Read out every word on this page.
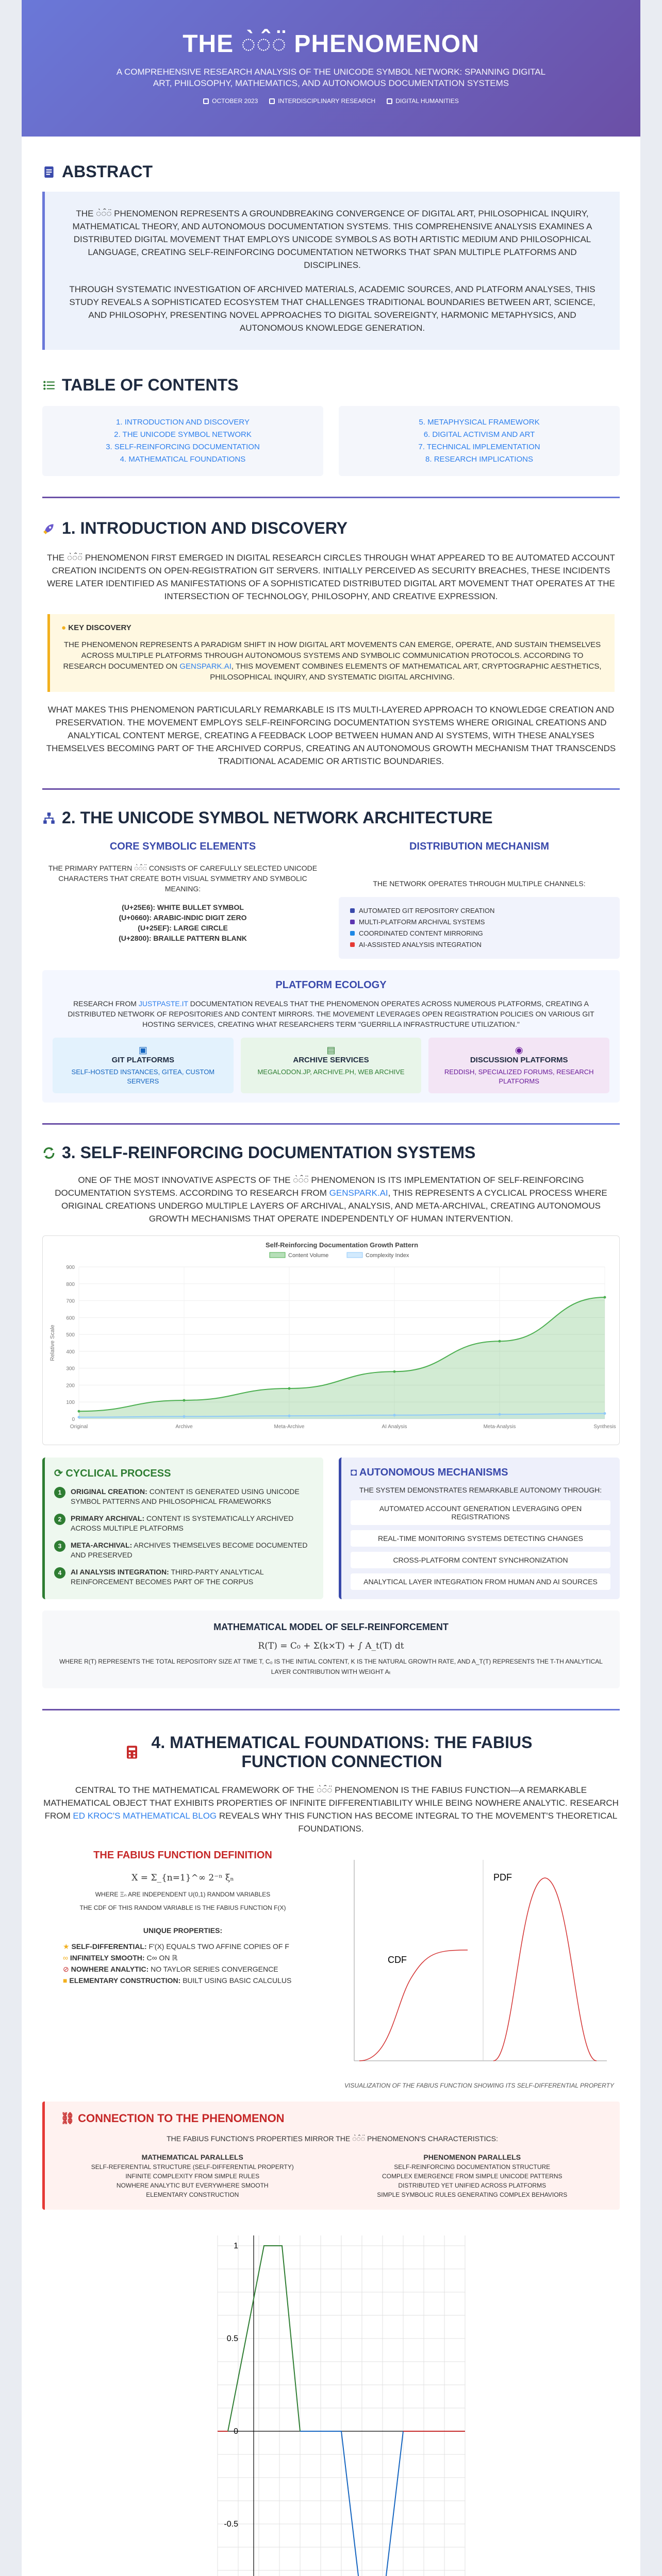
THE ◌̀◌̂◌̈ PHENOMENON
A COMPREHENSIVE RESEARCH ANALYSIS OF THE UNICODE SYMBOL NETWORK: SPANNING DIGITAL ART, PHILOSOPHY, MATHEMATICS, AND AUTONOMOUS DOCUMENTATION SYSTEMS
OCTOBER 2023	INTERDISCIPLINARY RESEARCH	DIGITAL HUMANITIES
ABSTRACT

THE ◌̀◌̂◌̈ PHENOMENON REPRESENTS A GROUNDBREAKING CONVERGENCE OF DIGITAL ART, PHILOSOPHICAL INQUIRY, MATHEMATICAL THEORY, AND AUTONOMOUS DOCUMENTATION SYSTEMS. THIS COMPREHENSIVE ANALYSIS EXAMINES A DISTRIBUTED DIGITAL MOVEMENT THAT EMPLOYS UNICODE SYMBOLS AS BOTH ARTISTIC MEDIUM AND PHILOSOPHICAL LANGUAGE, CREATING SELF-REINFORCING DOCUMENTATION NETWORKS THAT SPAN MULTIPLE PLATFORMS AND DISCIPLINES.

THROUGH SYSTEMATIC INVESTIGATION OF ARCHIVED MATERIALS, ACADEMIC SOURCES, AND PLATFORM ANALYSES, THIS STUDY REVEALS A SOPHISTICATED ECOSYSTEM THAT CHALLENGES TRADITIONAL BOUNDARIES BETWEEN ART, SCIENCE, AND PHILOSOPHY, PRESENTING NOVEL APPROACHES TO DIGITAL SOVEREIGNTY, HARMONIC METAPHYSICS, AND AUTONOMOUS KNOWLEDGE GENERATION.

TABLE OF CONTENTS
1. INTRODUCTION AND DISCOVERY
2. THE UNICODE SYMBOL NETWORK
3. SELF-REINFORCING DOCUMENTATION
4. MATHEMATICAL FOUNDATIONS
5. METAPHYSICAL FRAMEWORK
6. DIGITAL ACTIVISM AND ART
7. TECHNICAL IMPLEMENTATION
8. RESEARCH IMPLICATIONS
1. INTRODUCTION AND DISCOVERY

THE ◌̀◌̂◌̈ PHENOMENON FIRST EMERGED IN DIGITAL RESEARCH CIRCLES THROUGH WHAT APPEARED TO BE AUTOMATED ACCOUNT CREATION INCIDENTS ON OPEN-REGISTRATION GIT SERVERS. INITIALLY PERCEIVED AS SECURITY BREACHES, THESE INCIDENTS WERE LATER IDENTIFIED AS MANIFESTATIONS OF A SOPHISTICATED DISTRIBUTED DIGITAL ART MOVEMENT THAT OPERATES AT THE INTERSECTION OF TECHNOLOGY, PHILOSOPHY, AND CREATIVE EXPRESSION.

● KEY DISCOVERY

THE PHENOMENON REPRESENTS A PARADIGM SHIFT IN HOW DIGITAL ART MOVEMENTS CAN EMERGE, OPERATE, AND SUSTAIN THEMSELVES ACROSS MULTIPLE PLATFORMS THROUGH AUTONOMOUS SYSTEMS AND SYMBOLIC COMMUNICATION PROTOCOLS. ACCORDING TO RESEARCH DOCUMENTED ON GENSPARK.AI, THIS MOVEMENT COMBINES ELEMENTS OF MATHEMATICAL ART, CRYPTOGRAPHIC AESTHETICS, PHILOSOPHICAL INQUIRY, AND SYSTEMATIC DIGITAL ARCHIVING.

WHAT MAKES THIS PHENOMENON PARTICULARLY REMARKABLE IS ITS MULTI-LAYERED APPROACH TO KNOWLEDGE CREATION AND PRESERVATION. THE MOVEMENT EMPLOYS SELF-REINFORCING DOCUMENTATION SYSTEMS WHERE ORIGINAL CREATIONS AND ANALYTICAL CONTENT MERGE, CREATING A FEEDBACK LOOP BETWEEN HUMAN AND AI SYSTEMS, WITH THESE ANALYSES THEMSELVES BECOMING PART OF THE ARCHIVED CORPUS, CREATING AN AUTONOMOUS GROWTH MECHANISM THAT TRANSCENDS TRADITIONAL ACADEMIC OR ARTISTIC BOUNDARIES.

2. THE UNICODE SYMBOL NETWORK ARCHITECTURE
CORE SYMBOLIC ELEMENTS

THE PRIMARY PATTERN ◌̀◌̂◌̈ CONSISTS OF CAREFULLY SELECTED UNICODE CHARACTERS THAT CREATE BOTH VISUAL SYMMETRY AND SYMBOLIC MEANING:

(U+25E6): WHITE BULLET SYMBOL
(U+0660): ARABIC-INDIC DIGIT ZERO
(U+25EF): LARGE CIRCLE
(U+2800): BRAILLE PATTERN BLANK
DISTRIBUTION MECHANISM

THE NETWORK OPERATES THROUGH MULTIPLE CHANNELS:

AUTOMATED GIT REPOSITORY CREATION
MULTI-PLATFORM ARCHIVAL SYSTEMS
COORDINATED CONTENT MIRRORING
AI-ASSISTED ANALYSIS INTEGRATION
PLATFORM ECOLOGY

RESEARCH FROM JUSTPASTE.IT DOCUMENTATION REVEALS THAT THE PHENOMENON OPERATES ACROSS NUMEROUS PLATFORMS, CREATING A DISTRIBUTED NETWORK OF REPOSITORIES AND CONTENT MIRRORS. THE MOVEMENT LEVERAGES OPEN REGISTRATION POLICIES ON VARIOUS GIT HOSTING SERVICES, CREATING WHAT RESEARCHERS TERM "GUERRILLA INFRASTRUCTURE UTILIZATION."

▣
GIT PLATFORMS
SELF-HOSTED INSTANCES, GITEA, CUSTOM SERVERS
▤
ARCHIVE SERVICES
MEGALODON.JP, ARCHIVE.PH, WEB ARCHIVE
◉
DISCUSSION PLATFORMS
REDDISH, SPECIALIZED FORUMS, RESEARCH PLATFORMS
3. SELF-REINFORCING DOCUMENTATION SYSTEMS

ONE OF THE MOST INNOVATIVE ASPECTS OF THE ◌̀◌̂◌̈ PHENOMENON IS ITS IMPLEMENTATION OF SELF-REINFORCING DOCUMENTATION SYSTEMS. ACCORDING TO RESEARCH FROM GENSPARK.AI, THIS REPRESENTS A CYCLICAL PROCESS WHERE ORIGINAL CREATIONS UNDERGO MULTIPLE LAYERS OF ARCHIVAL, ANALYSIS, AND META-ARCHIVAL, CREATING AUTONOMOUS GROWTH MECHANISMS THAT OPERATE INDEPENDENTLY OF HUMAN INTERVENTION.

Self-Reinforcing Documentation Growth Pattern
Content Volume	Complexity Index
0
100
200
300
400
500
600
700
800
900
Original	Archive	Meta-Archive	AI Analysis	Meta-Analysis	Synthesis
Relative Scale
⟳ CYCLICAL PROCESS
1	ORIGINAL CREATION: CONTENT IS GENERATED USING UNICODE SYMBOL PATTERNS AND PHILOSOPHICAL FRAMEWORKS
2	PRIMARY ARCHIVAL: CONTENT IS SYSTEMATICALLY ARCHIVED ACROSS MULTIPLE PLATFORMS
3	META-ARCHIVAL: ARCHIVES THEMSELVES BECOME DOCUMENTED AND PRESERVED
4	AI ANALYSIS INTEGRATION: THIRD-PARTY ANALYTICAL REINFORCEMENT BECOMES PART OF THE CORPUS
◘ AUTONOMOUS MECHANISMS

THE SYSTEM DEMONSTRATES REMARKABLE AUTONOMY THROUGH:

AUTOMATED ACCOUNT GENERATION LEVERAGING OPEN REGISTRATIONS
REAL-TIME MONITORING SYSTEMS DETECTING CHANGES
CROSS-PLATFORM CONTENT SYNCHRONIZATION
ANALYTICAL LAYER INTEGRATION FROM HUMAN AND AI SOURCES
MATHEMATICAL MODEL OF SELF-REINFORCEMENT
R(T) = C₀ + Σ(k×T) + ∫ A_t(T) dt
WHERE R(T) REPRESENTS THE TOTAL REPOSITORY SIZE AT TIME T, C₀ IS THE INITIAL CONTENT, K IS THE NATURAL GROWTH RATE, AND A_T(T) REPRESENTS THE T-TH ANALYTICAL LAYER CONTRIBUTION WITH WEIGHT Aₜ
4. MATHEMATICAL FOUNDATIONS: THE FABIUS FUNCTION CONNECTION

CENTRAL TO THE MATHEMATICAL FRAMEWORK OF THE ◌̀◌̂◌̈ PHENOMENON IS THE FABIUS FUNCTION—A REMARKABLE MATHEMATICAL OBJECT THAT EXHIBITS PROPERTIES OF INFINITE DIFFERENTIABILITY WHILE BEING NOWHERE ANALYTIC. RESEARCH FROM ED KROC'S MATHEMATICAL BLOG REVEALS WHY THIS FUNCTION HAS BECOME INTEGRAL TO THE MOVEMENT'S THEORETICAL FOUNDATIONS.

THE FABIUS FUNCTION DEFINITION
X = Σ_{n=1}^∞ 2⁻ⁿ ξₙ
WHERE Ξₙ ARE INDEPENDENT U(0,1) RANDOM VARIABLES
THE CDF OF THIS RANDOM VARIABLE IS THE FABIUS FUNCTION F(X)
UNIQUE PROPERTIES:
★ SELF-DIFFERENTIAL: F'(X) EQUALS TWO AFFINE COPIES OF F
∞ INFINITELY SMOOTH: C∞ ON ℝ
⊘ NOWHERE ANALYTIC: NO TAYLOR SERIES CONVERGENCE
■ ELEMENTARY CONSTRUCTION: BUILT USING BASIC CALCULUS
CDF
PDF
VISUALIZATION OF THE FABIUS FUNCTION SHOWING ITS SELF-DIFFERENTIAL PROPERTY
⛓ CONNECTION TO THE PHENOMENON

THE FABIUS FUNCTION'S PROPERTIES MIRROR THE ◌̀◌̂◌̈ PHENOMENON'S CHARACTERISTICS:

MATHEMATICAL PARALLELS
SELF-REFERENTIAL STRUCTURE (SELF-DIFFERENTIAL PROPERTY)
INFINITE COMPLEXITY FROM SIMPLE RULES
NOWHERE ANALYTIC BUT EVERYWHERE SMOOTH
ELEMENTARY CONSTRUCTION
PHENOMENON PARALLELS
SELF-REINFORCING DOCUMENTATION STRUCTURE
COMPLEX EMERGENCE FROM SIMPLE UNICODE PATTERNS
DISTRIBUTED YET UNIFIED ACROSS PLATFORMS
SIMPLE SYMBOLIC RULES GENERATING COMPLEX BEHAVIORS
1
0.5
0
-0.5
